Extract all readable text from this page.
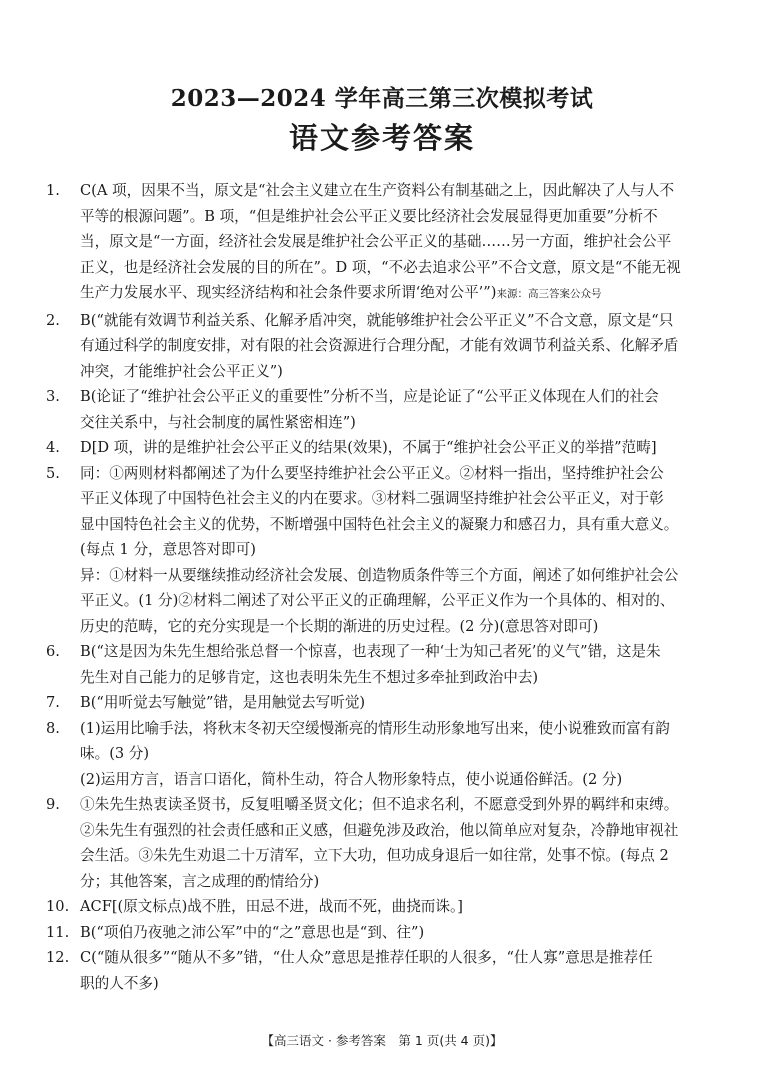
2023—2024 学年高三第三次模拟考试
语文参考答案
1.	C(A 项，因果不当，原文是“社会主义建立在生产资料公有制基础之上，因此解决了人与人不
平等的根源问题”。B 项，“但是维护社会公平正义要比经济社会发展显得更加重要”分析不
当，原文是“一方面，经济社会发展是维护社会公平正义的基础……另一方面，维护社会公平
正义，也是经济社会发展的目的所在”。D 项，“不必去追求公平”不合文意，原文是“不能无视
生产力发展水平、现实经济结构和社会条件要求所谓‘绝对公平’”)来源：高三答案公众号
2.	B(“就能有效调节利益关系、化解矛盾冲突，就能够维护社会公平正义”不合文意，原文是“只
有通过科学的制度安排，对有限的社会资源进行合理分配，才能有效调节利益关系、化解矛盾
冲突，才能维护社会公平正义”)
3.	B(论证了“维护社会公平正义的重要性”分析不当，应是论证了“公平正义体现在人们的社会
交往关系中，与社会制度的属性紧密相连”)
4.	D[D 项，讲的是维护社会公平正义的结果(效果)，不属于“维护社会公平正义的举措”范畴]
5.	同：①两则材料都阐述了为什么要坚持维护社会公平正义。②材料一指出，坚持维护社会公
平正义体现了中国特色社会主义的内在要求。③材料二强调坚持维护社会公平正义，对于彰
显中国特色社会主义的优势，不断增强中国特色社会主义的凝聚力和感召力，具有重大意义。
(每点 1 分，意思答对即可)
异：①材料一从要继续推动经济社会发展、创造物质条件等三个方面，阐述了如何维护社会公
平正义。(1 分)②材料二阐述了对公平正义的正确理解，公平正义作为一个具体的、相对的、
历史的范畴，它的充分实现是一个长期的渐进的历史过程。(2 分)(意思答对即可)
6.	B(“这是因为朱先生想给张总督一个惊喜，也表现了一种‘士为知己者死’的义气”错，这是朱
先生对自己能力的足够肯定，这也表明朱先生不想过多牵扯到政治中去)
7.	B(“用听觉去写触觉”错，是用触觉去写听觉)
8.	(1)运用比喻手法，将秋末冬初天空缓慢渐亮的情形生动形象地写出来，使小说雅致而富有韵
味。(3 分)
(2)运用方言，语言口语化，简朴生动，符合人物形象特点，使小说通俗鲜活。(2 分)
9.	①朱先生热衷读圣贤书，反复咀嚼圣贤文化；但不追求名利，不愿意受到外界的羁绊和束缚。
②朱先生有强烈的社会责任感和正义感，但避免涉及政治，他以简单应对复杂，冷静地审视社
会生活。③朱先生劝退二十万清军，立下大功，但功成身退后一如往常，处事不惊。(每点 2
分；其他答案，言之成理的酌情给分)
10. ACF[(原文标点)战不胜，田忌不进，战而不死，曲挠而诛。]
11. B(“项伯乃夜驰之沛公军”中的“之”意思也是“到、往”)
12. C(“随从很多”“随从不多”错，“仕人众”意思是推荐任职的人很多，“仕人寡”意思是推荐任
职的人不多)
【高三语文 · 参考答案　第 1 页(共 4 页)】
